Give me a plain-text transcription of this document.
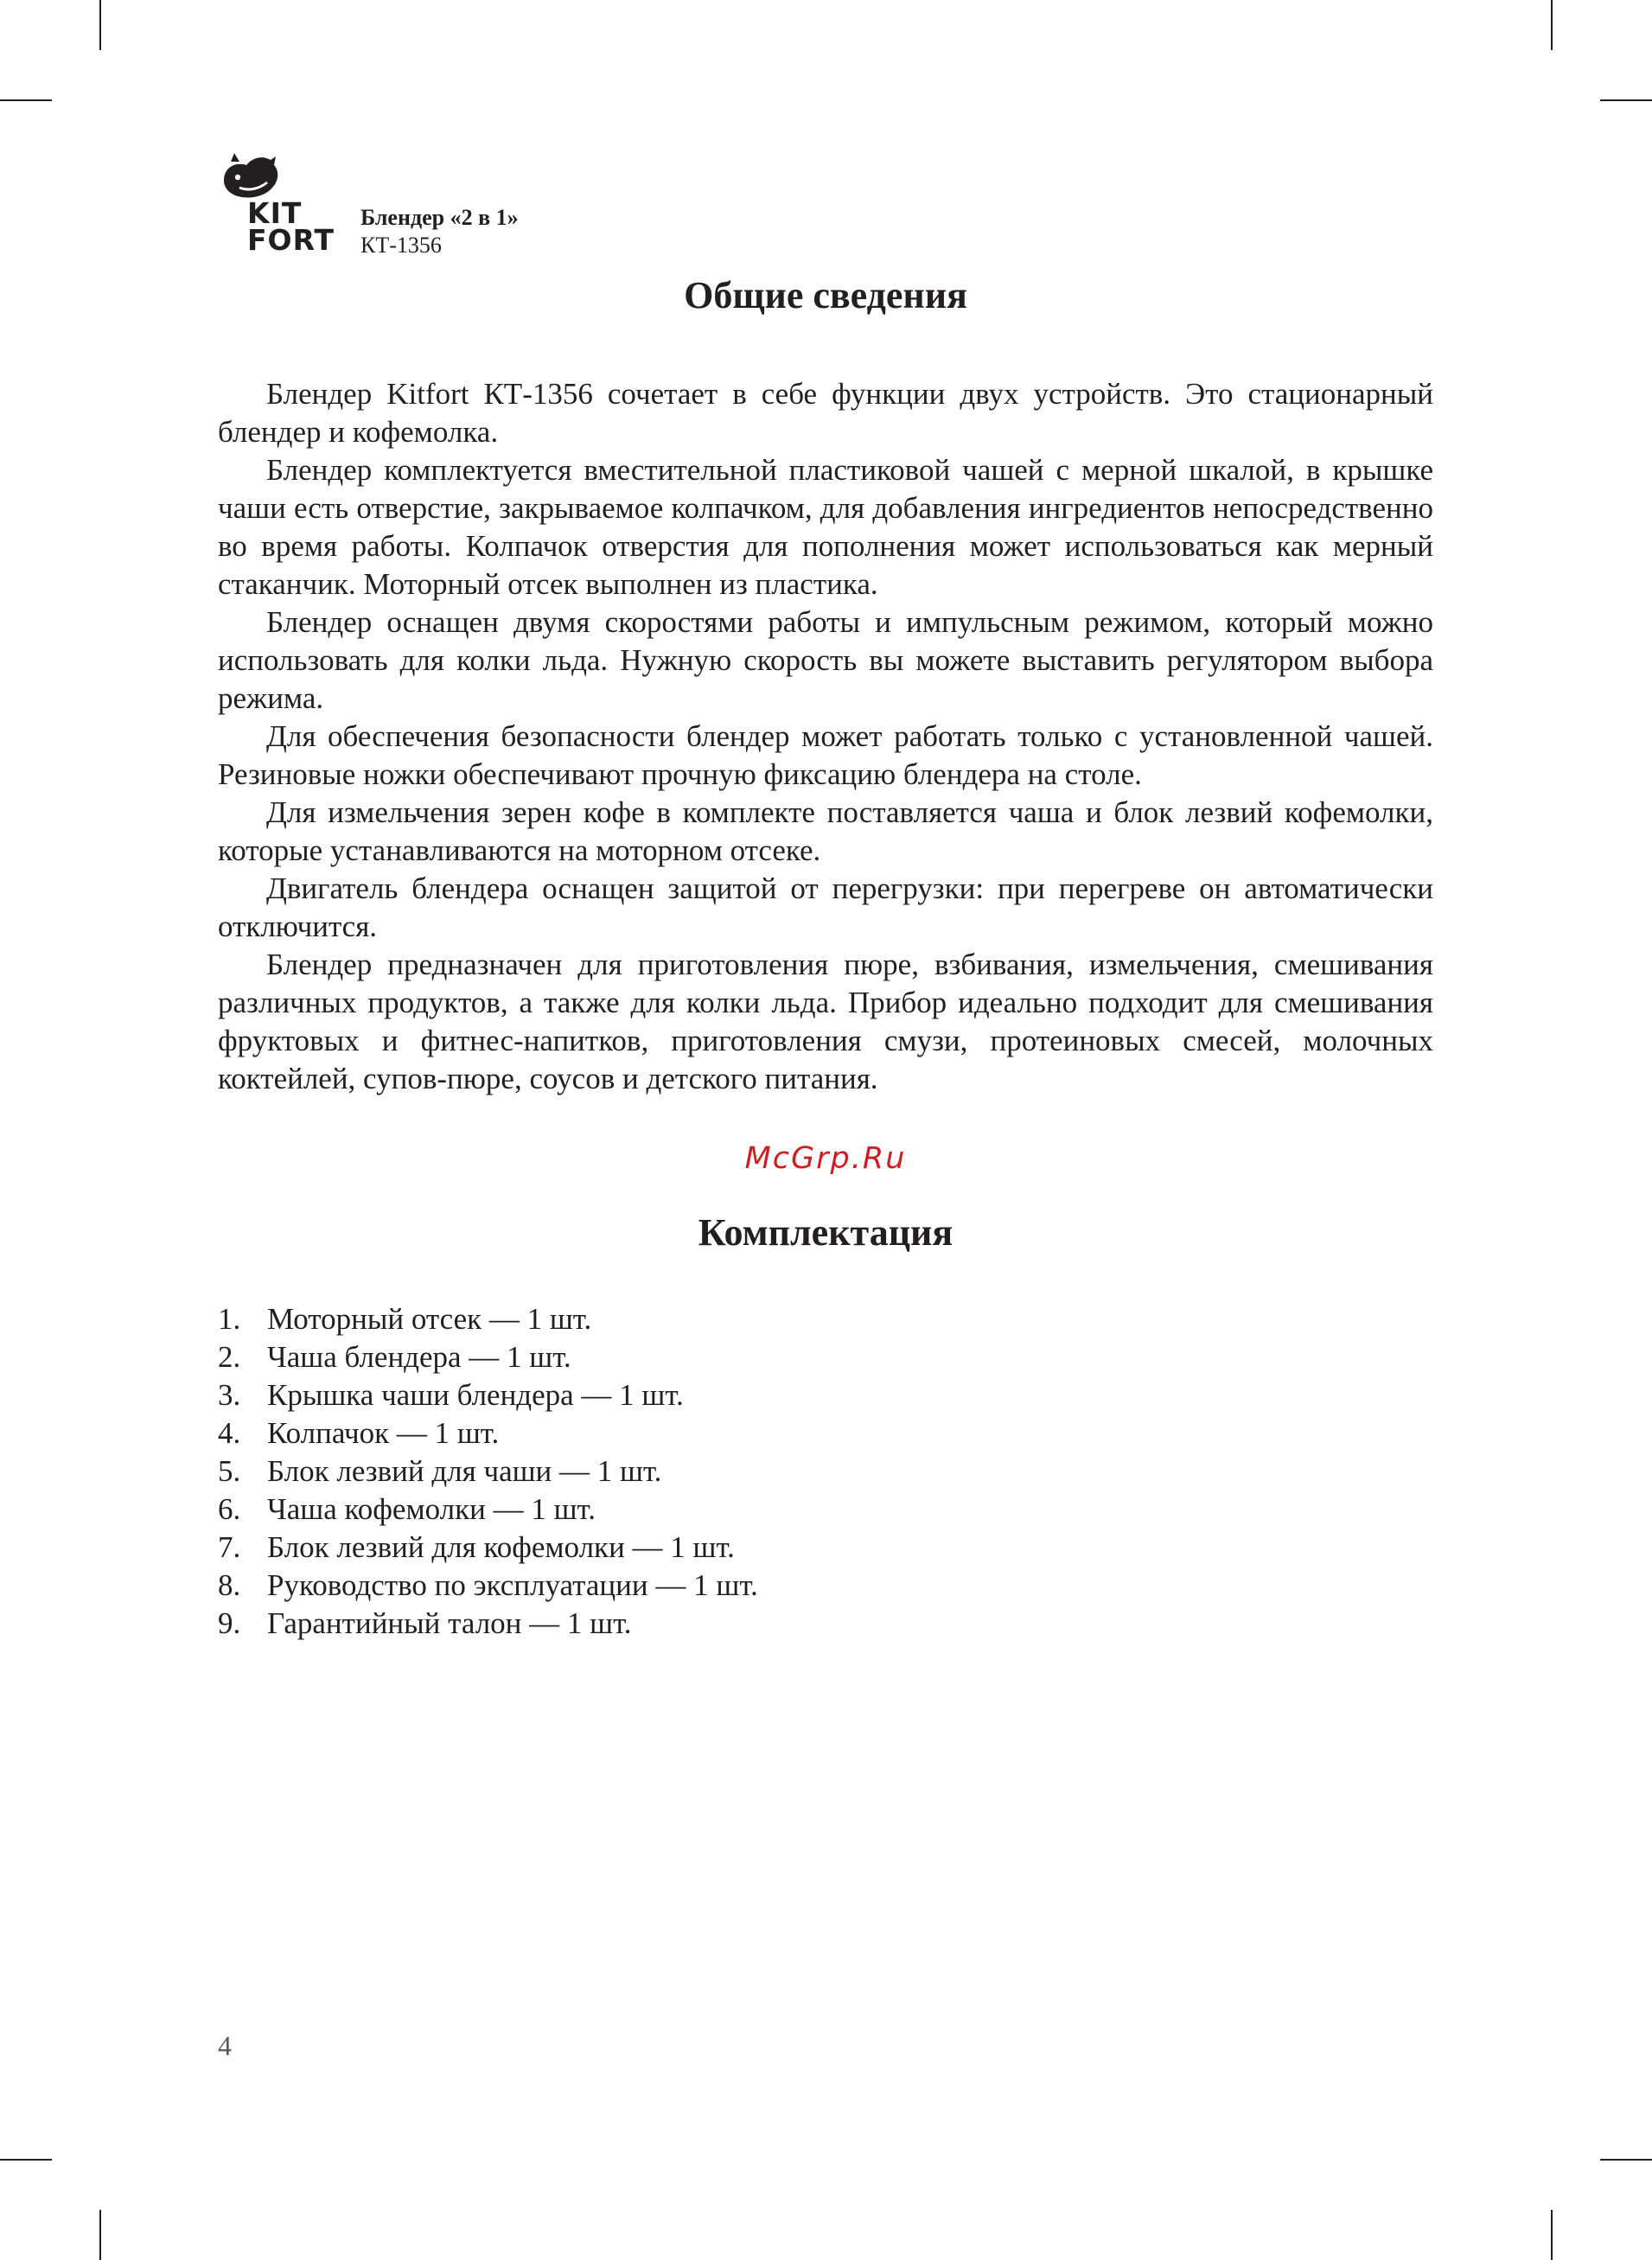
KIT
FORT
Блендер «2 в 1»
КТ-1356
Общие сведения

Блендер Kitfort КТ-1356 сочетает в себе функции двух устройств. Это стационарный блендер и кофемолка.

Блендер комплектуется вместительной пластиковой чашей с мерной шкалой, в крышке чаши есть отверстие, закрываемое колпачком, для добавления ингредиентов непосредственно во время работы. Колпачок отверстия для пополнения может использоваться как мерный стаканчик. Моторный отсек выполнен из пластика.

Блендер оснащен двумя скоростями работы и импульсным режимом, который можно использовать для колки льда. Нужную скорость вы можете выставить регулятором выбора режима.

Для обеспечения безопасности блендер может работать только с установленной чашей. Резиновые ножки обеспечивают прочную фиксацию блендера на столе.

Для измельчения зерен кофе в комплекте поставляется чаша и блок лезвий кофемолки, которые устанавливаются на моторном отсеке.

Двигатель блендера оснащен защитой от перегрузки: при перегреве он автоматически отключится.

Блендер предназначен для приготовления пюре, взбивания, измельчения, смешивания различных продуктов, а также для колки льда. Прибор идеально подходит для смешивания фруктовых и фитнес-напитков, приготовления смузи, протеиновых смесей, молочных коктейлей, супов-пюре, соусов и детского питания.

McGrp.Ru
Комплектация
1. Моторный отсек — 1 шт.
2. Чаша блендера — 1 шт.
3. Крышка чаши блендера — 1 шт.
4. Колпачок — 1 шт.
5. Блок лезвий для чаши — 1 шт.
6. Чаша кофемолки — 1 шт.
7. Блок лезвий для кофемолки — 1 шт.
8. Руководство по эксплуатации — 1 шт.
9. Гарантийный талон — 1 шт.
4
